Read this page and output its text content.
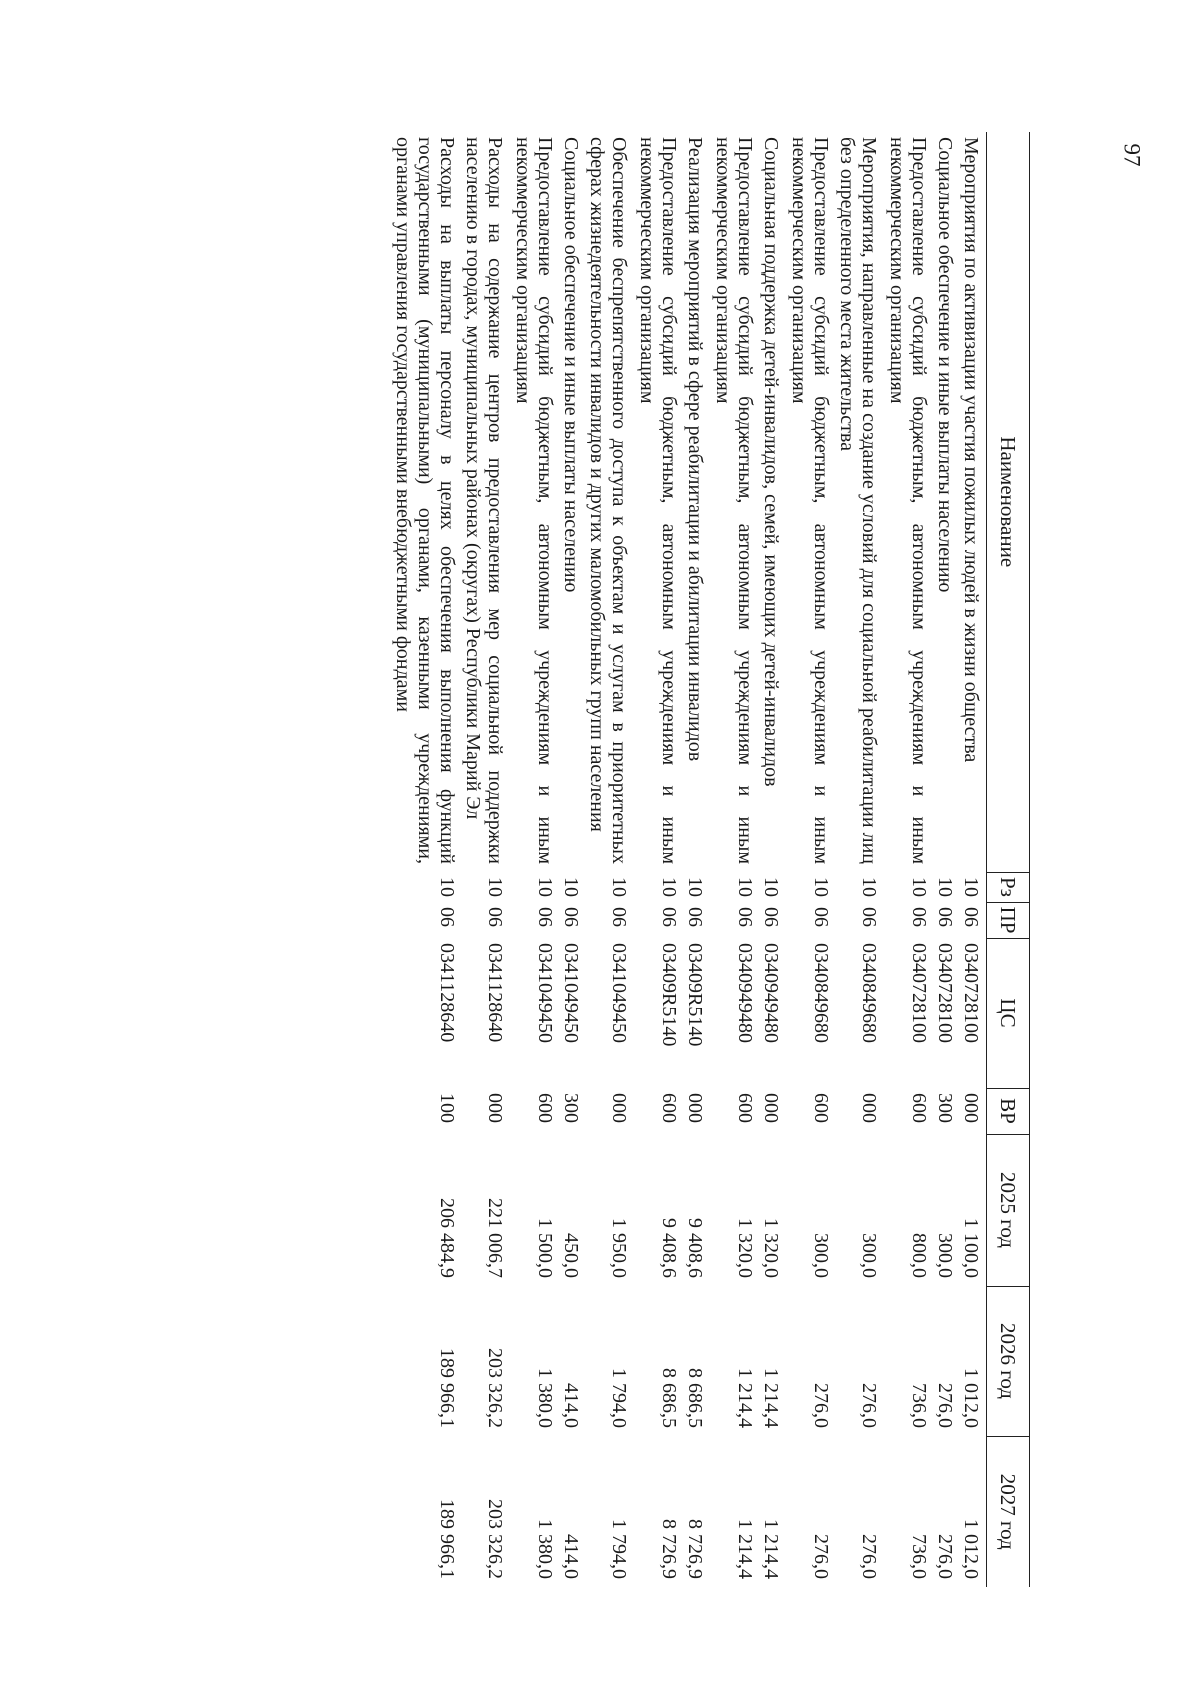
97
Наименование	Рз	ПР	ЦС	ВР	2025 год	2026 год	2027 год
Мероприятия по активизации участия пожилых людей в жизни общества	10	06	0340728100	000	1 100,0	1 012,0	1 012,0
Социальное обеспечение и иные выплаты населению	10	06	0340728100	300	300,0	276,0	276,0
Предоставление субсидий бюджетным, автономным учреждениям и иным некоммерческим организациям	10	06	0340728100	600	800,0	736,0	736,0
Мероприятия, направленные на создание условий для социальной реабилитации лиц без определенного места жительства	10	06	0340849680	000	300,0	276,0	276,0
Предоставление субсидий бюджетным, автономным учреждениям и иным некоммерческим организациям	10	06	0340849680	600	300,0	276,0	276,0
Социальная поддержка детей-инвалидов, семей, имеющих детей-инвалидов	10	06	0340949480	000	1 320,0	1 214,4	1 214,4
Предоставление субсидий бюджетным, автономным учреждениям и иным некоммерческим организациям	10	06	0340949480	600	1 320,0	1 214,4	1 214,4
Реализация мероприятий в сфере реабилитации и абилитации инвалидов	10	06	03409R5140	000	9 408,6	8 686,5	8 726,9
Предоставление субсидий бюджетным, автономным учреждениям и иным некоммерческим организациям	10	06	03409R5140	600	9 408,6	8 686,5	8 726,9
Обеспечение беспрепятственного доступа к объектам и услугам в приоритетных сферах жизнедеятельности инвалидов и других маломобильных групп населения	10	06	0341049450	000	1 950,0	1 794,0	1 794,0
Социальное обеспечение и иные выплаты населению	10	06	0341049450	300	450,0	414,0	414,0
Предоставление субсидий бюджетным, автономным учреждениям и иным некоммерческим организациям	10	06	0341049450	600	1 500,0	1 380,0	1 380,0
Расходы на содержание центров предоставления мер социальной поддержки населению в городах, муниципальных районах (округах) Республики Марий Эл	10	06	0341128640	000	221 006,7	203 326,2	203 326,2
Расходы на выплаты персоналу в целях обеспечения выполнения функций государственными (муниципальными) органами, казенными учреждениями, органами управления государственными внебюджетными фондами	10	06	0341128640	100	206 484,9	189 966,1	189 966,1
